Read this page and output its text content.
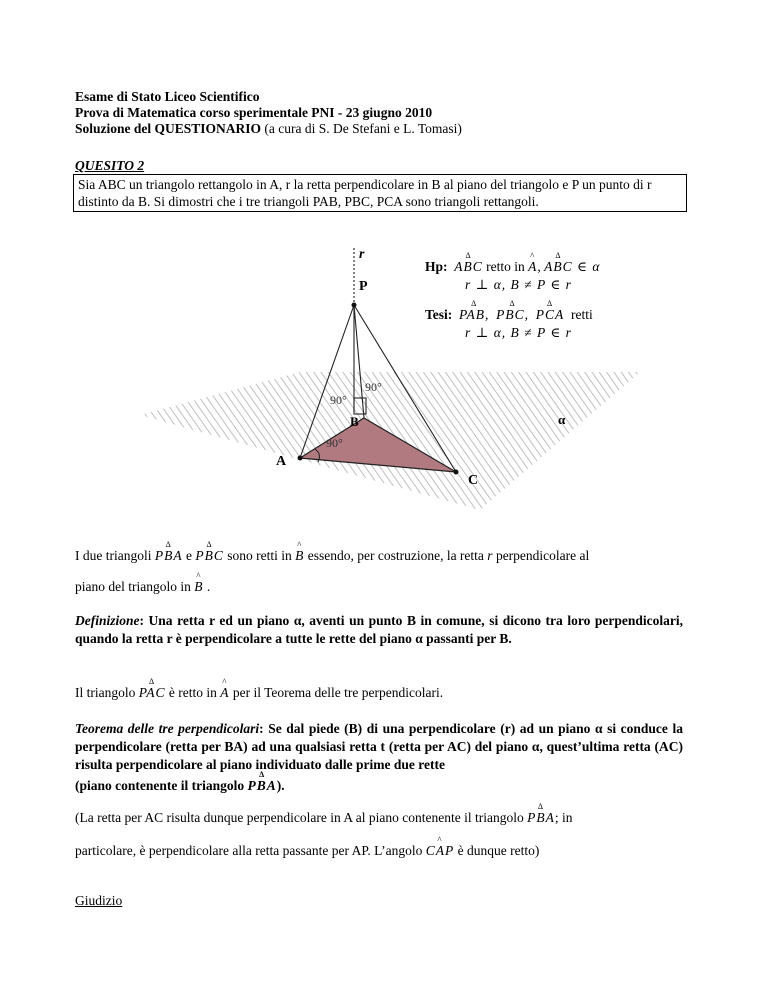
Esame di Stato Liceo Scientifico
Prova di Matematica corso sperimentale PNI - 23 giugno 2010
Soluzione del QUESTIONARIO (a cura di S. De Stefani e L. Tomasi)
QUESITO 2
Sia ABC un triangolo rettangolo in A, r la retta perpendicolare in B al piano del triangolo e P un punto di r distinto da B. Si dimostri che i tre triangoli PAB, PBC, PCA sono triangoli rettangoli.
r
P
B
A
C
α
90°
90°
90°
Hp: Δ ABC retto in ^ A, Δ ABC ∈ α
r ⊥ α, B ≠ P ∈ r
Tesi: Δ PAB, Δ PBC, Δ PCA retti
r ⊥ α, B ≠ P ∈ r
I due triangoli Δ PBA e Δ PBC sono retti in ^ B essendo, per costruzione, la retta r perpendicolare al
piano del triangolo in ^ B .
Definizione: Una retta r ed un piano α, aventi un punto B in comune, si dicono tra loro perpendicolari, quando la retta r è perpendicolare a tutte le rette del piano α passanti per B.
Il triangolo Δ PAC è retto in ^ A per il Teorema delle tre perpendicolari.
Teorema delle tre perpendicolari: Se dal piede (B) di una perpendicolare (r) ad un piano α si conduce la perpendicolare (retta per BA) ad una qualsiasi retta t (retta per AC) del piano α, quest’ultima retta (AC) risulta perpendicolare al piano individuato dalle prime due rette
(piano contenente il triangolo Δ PBA).
(La retta per AC risulta dunque perpendicolare in A al piano contenente il triangolo Δ PBA; in
particolare, è perpendicolare alla retta passante per AP. L’angolo ^ CAP è dunque retto)
Giudizio
